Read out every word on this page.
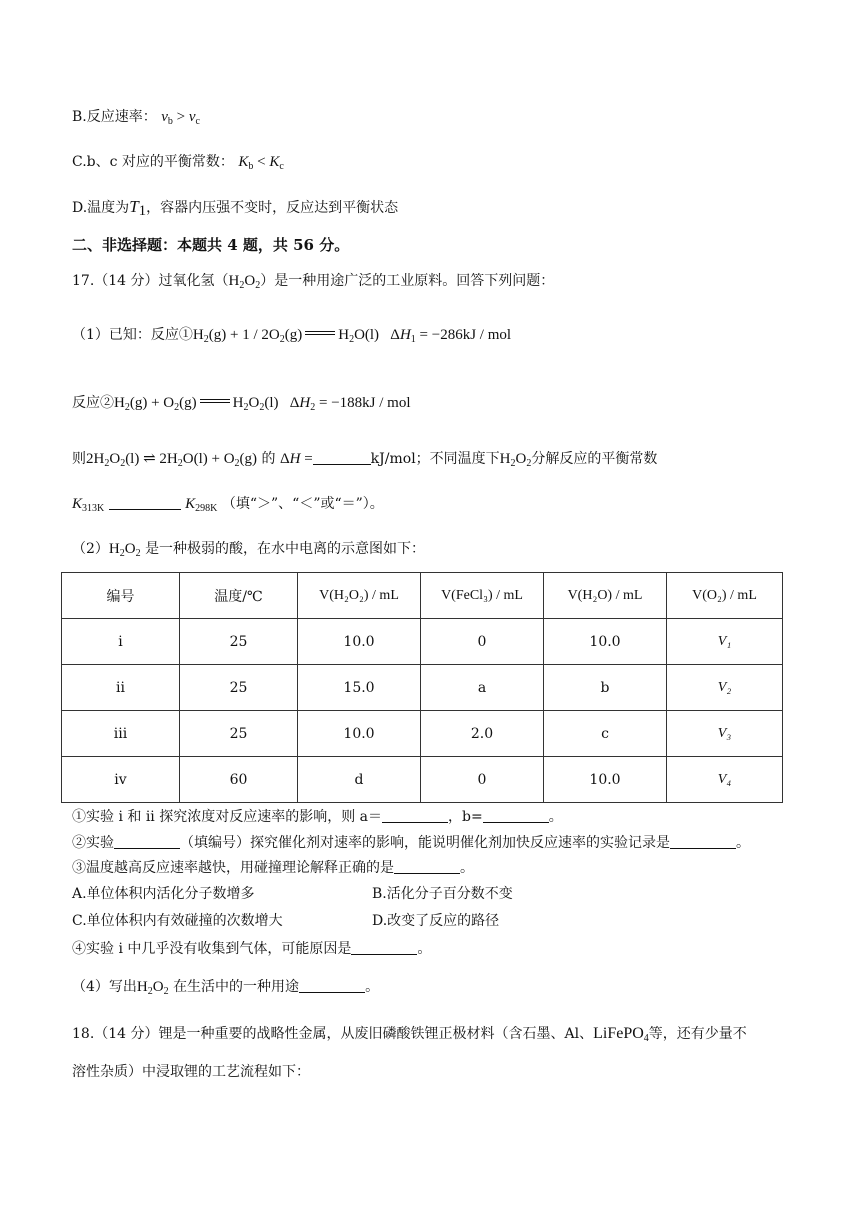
B.反应速率： $v_b > v_c$
C.b、c 对应的平衡常数： $K_b < K_c$
D.温度为$T_1$，容器内压强不变时，反应达到平衡状态
二、非选择题：本题共 4 题，共 56 分。
17.（14 分）过氧化氢$(H_2O_2)$是一种用途广泛的工业原料。回答下列问题：
（1）已知：反应$①H_2(g) + 1 / 2O_2(g)$ $H_2O(l) \Delta H_1 = -286kJ$ / mol
反应$②H_2(g) + O_2(g)$ $H_2O_2(l) \Delta H_2 = -188kJ$ / mol
则$2H_2O_2(l)$ ⇌ $2H_2O(l) + O_2(g)$ 的 ΔH =	kJ/mol；不同温度下$H_2O_2$分解反应的平衡常数
$K_{313K}$	$K_{298K}$ （填“＞”、“＜”或“＝”）。
$(2)H_2O_2$ 是一种极弱的酸，在水中电离的示意图如下：
编号	温度/℃	V(H₂O₂) / mL	V(FeCl₃) / mL	V(H₂O) / mL	V(O₂) / mL
i	25	10.0	0	10.0	V₁
ii	25	15.0	a	b	V₂
iii	25	10.0	2.0	c	V₃
iv	60	d	0	10.0	V₄
①实验 i 和 ii 探究浓度对反应速率的影响，则 a＝	，b=	。
②实验	（填编号）探究催化剂对速率的影响，能说明催化剂加快反应速率的实验记录是	。
③温度越高反应速率越快，用碰撞理论解释正确的是	。
A.单位体积内活化分子数增多	B.活化分子百分数不变
C.单位体积内有效碰撞的次数增大	D.改变了反应的路径
④实验 i 中几乎没有收集到气体，可能原因是	。
（4）写出$H_2O_2$ 在生活中的一种用途	。
18.（14 分）锂是一种重要的战略性金属，从废旧磷酸铁锂正极材料（含石墨、Al、LiFePO$_4$等，还有少量不
溶性杂质）中浸取锂的工艺流程如下：
